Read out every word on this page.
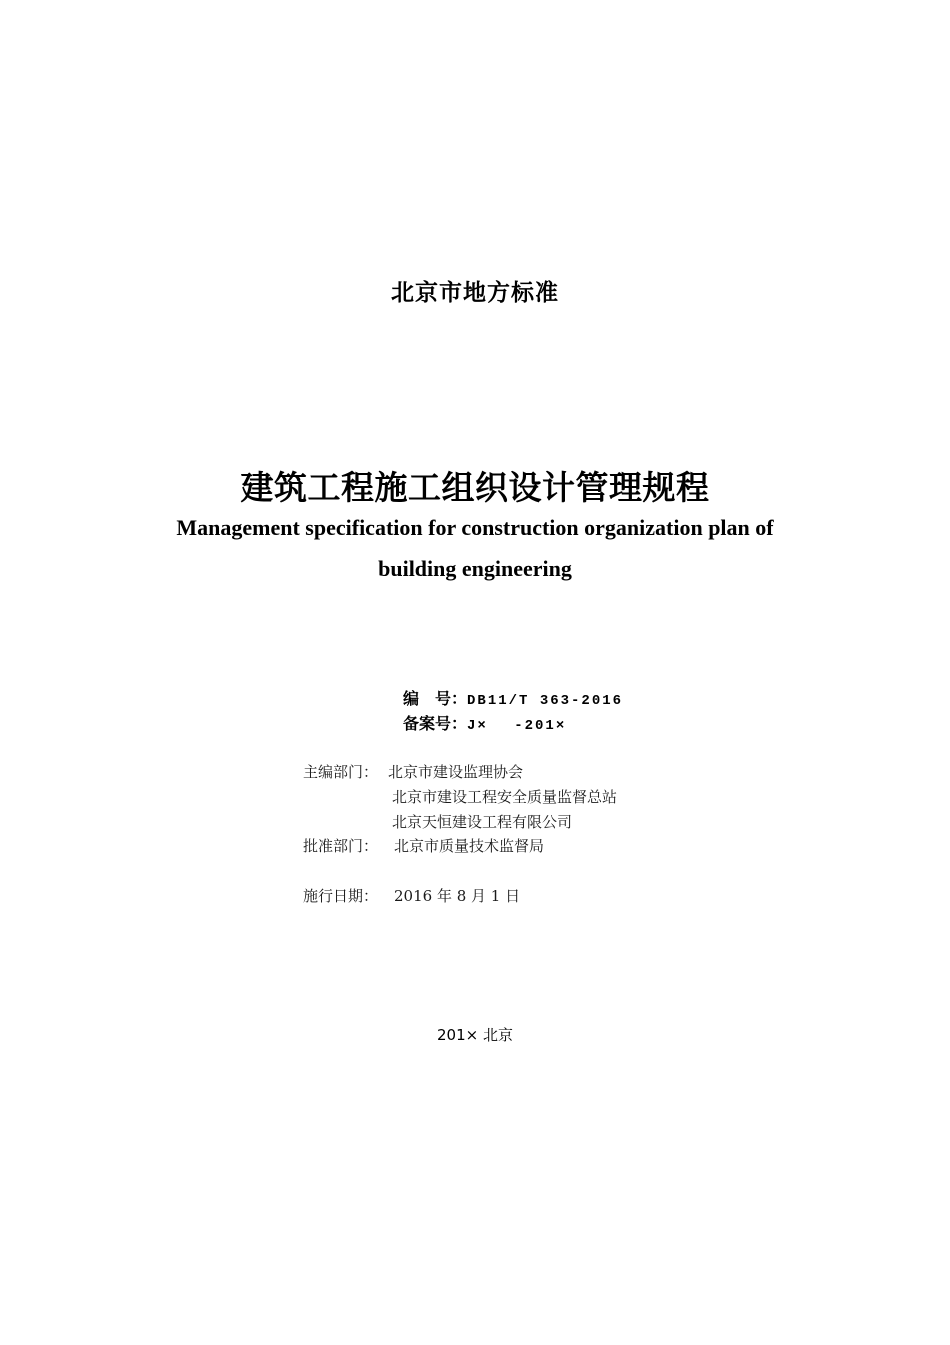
北京市地方标准
建筑工程施工组织设计管理规程
Management specification for construction organization plan of
building engineering
编　号：DB11/T 363-2016
备案号：J×　 -201×
主编部门： 北京市建设监理协会
北京市建设工程安全质量监督总站
北京天恒建设工程有限公司
批准部门： 北京市质量技术监督局
施行日期： 2016 年 8 月 1 日
201× 北京
